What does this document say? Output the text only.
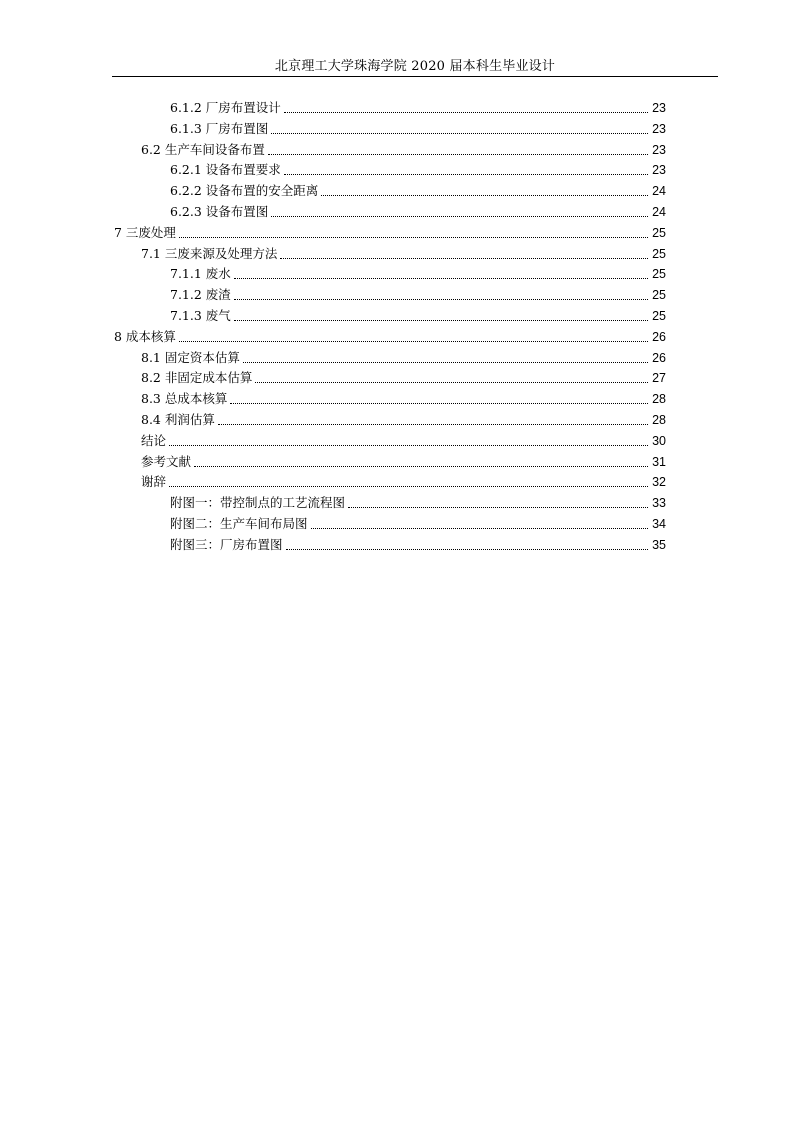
北京理工大学珠海学院 2020 届本科生毕业设计
6.1.2 厂房布置设计	23
6.1.3 厂房布置图	23
6.2 生产车间设备布置	23
6.2.1 设备布置要求	23
6.2.2 设备布置的安全距离	24
6.2.3 设备布置图	24
7 三废处理	25
7.1 三废来源及处理方法	25
7.1.1 废水	25
7.1.2 废渣	25
7.1.3 废气	25
8 成本核算	26
8.1 固定资本估算	26
8.2 非固定成本估算	27
8.3 总成本核算	28
8.4 利润估算	28
结论	30
参考文献	31
谢辞	32
附图一：带控制点的工艺流程图	33
附图二：生产车间布局图	34
附图三：厂房布置图	35
